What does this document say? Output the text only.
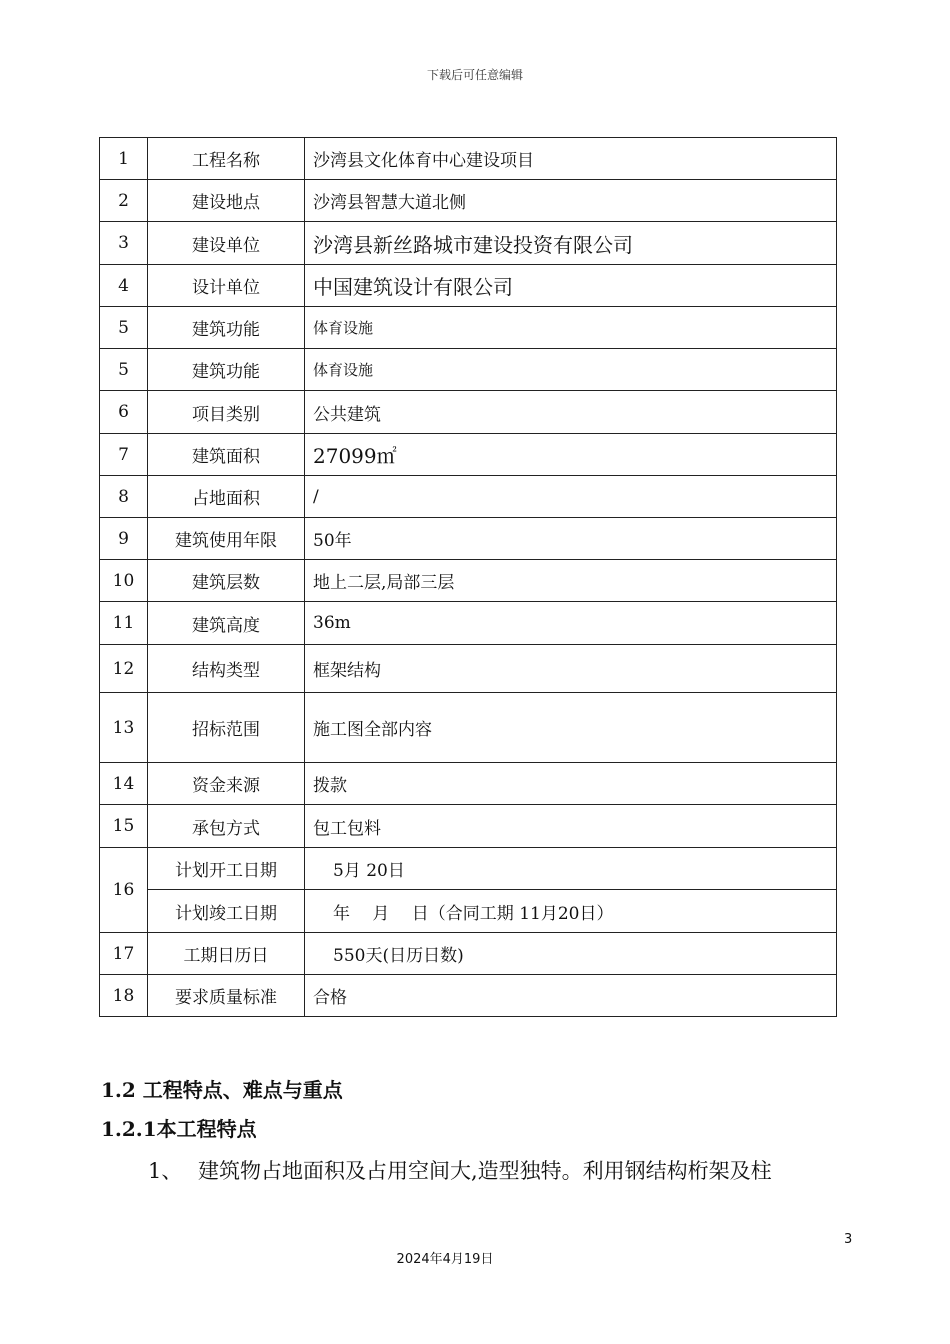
下载后可任意编辑
1	工程名称	沙湾县文化体育中心建设项目
2	建设地点	沙湾县智慧大道北侧
3	建设单位	沙湾县新丝路城市建设投资有限公司
4	设计单位	中国建筑设计有限公司
5	建筑功能	体育设施
5	建筑功能	体育设施
6	项目类别	公共建筑
7	建筑面积	27099㎡
8	占地面积	/
9	建筑使用年限	50年
10	建筑层数	地上二层,局部三层
11	建筑高度	36m
12	结构类型	框架结构
13	招标范围	施工图全部内容
14	资金来源	拨款
15	承包方式	包工包料
16	计划开工日期	5月 20日
	计划竣工日期	年　 月　 日（合同工期 11月20日）
17	工期日历日	550天(日历日数)
18	要求质量标准	合格
1.2 工程特点、难点与重点
1.2.1本工程特点
1、 建筑物占地面积及占用空间大,造型独特。利用钢结构桁架及柱
3
2024年4月19日
